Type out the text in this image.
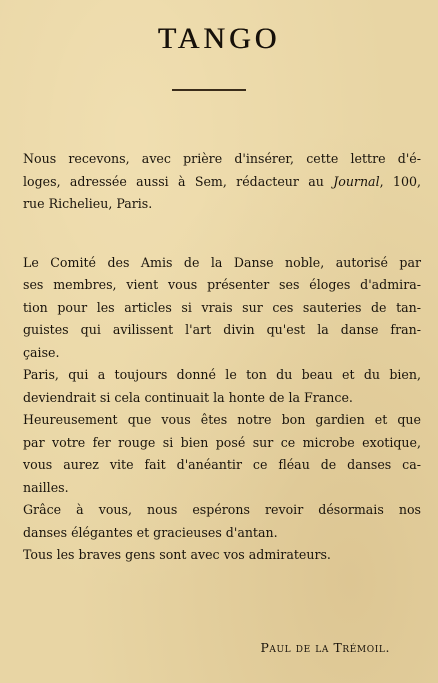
TANGO

Nous recevons, avec prière d'insérer, cette lettre d'é-
loges, adressée aussi à Sem, rédacteur au Journal, 100,
rue Richelieu, Paris.

Le Comité des Amis de la Danse noble, autorisé par
ses membres, vient vous présenter ses éloges d'admira-
tion pour les articles si vrais sur ces sauteries de tan-
guistes qui avilissent l'art divin qu'est la danse fran-
çaise.

Paris, qui a toujours donné le ton du beau et du bien,
deviendrait si cela continuait la honte de la France.

Heureusement que vous êtes notre bon gardien et que
par votre fer rouge si bien posé sur ce microbe exotique,
vous aurez vite fait d'anéantir ce fléau de danses ca-
nailles.

Grâce à vous, nous espérons revoir désormais nos
danses élégantes et gracieuses d'antan.

Tous les braves gens sont avec vos admirateurs.

Paul de la Trémoil.
